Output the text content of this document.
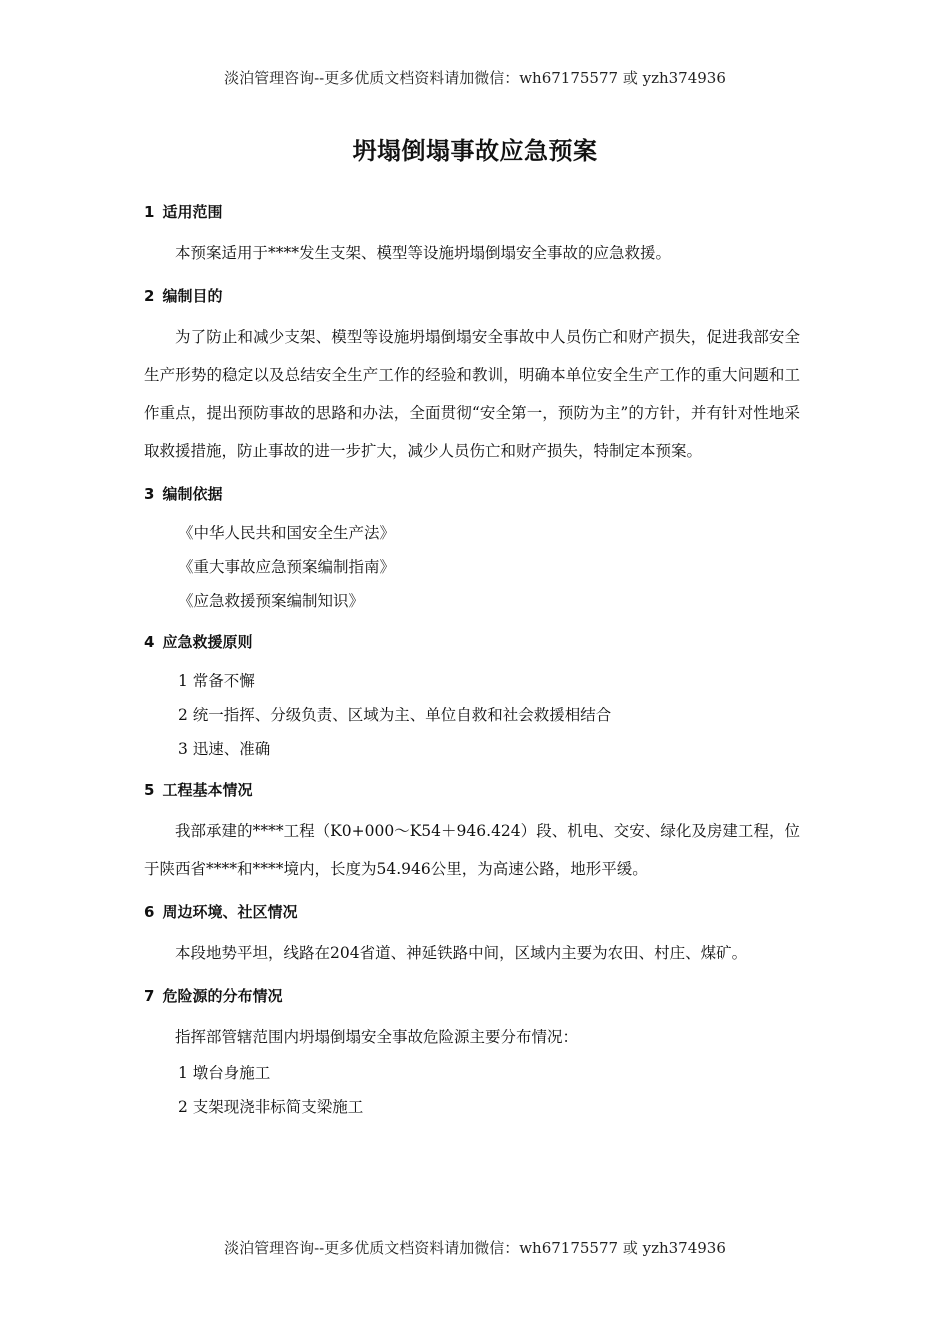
淡泊管理咨询--更多优质文档资料请加微信：wh67175577 或 yzh374936
坍塌倒塌事故应急预案

1 适用范围

本预案适用于****发生支架、模型等设施坍塌倒塌安全事故的应急救援。

2 编制目的

为了防止和减少支架、模型等设施坍塌倒塌安全事故中人员伤亡和财产损失，促进我部安全生产形势的稳定以及总结安全生产工作的经验和教训，明确本单位安全生产工作的重大问题和工作重点，提出预防事故的思路和办法，全面贯彻“安全第一，预防为主”的方针，并有针对性地采取救援措施，防止事故的进一步扩大，减少人员伤亡和财产损失，特制定本预案。

3 编制依据

《中华人民共和国安全生产法》

《重大事故应急预案编制指南》

《应急救援预案编制知识》

4 应急救援原则

1 常备不懈

2 统一指挥、分级负责、区域为主、单位自救和社会救援相结合

3 迅速、准确

5 工程基本情况

我部承建的****工程（K0+000～K54＋946.424）段、机电、交安、绿化及房建工程，位于陕西省****和****境内，长度为54.946公里，为高速公路，地形平缓。

6 周边环境、社区情况

本段地势平坦，线路在204省道、神延铁路中间，区域内主要为农田、村庄、煤矿。

7 危险源的分布情况

指挥部管辖范围内坍塌倒塌安全事故危险源主要分布情况：

1 墩台身施工

2 支架现浇非标简支梁施工

淡泊管理咨询--更多优质文档资料请加微信：wh67175577 或 yzh374936
